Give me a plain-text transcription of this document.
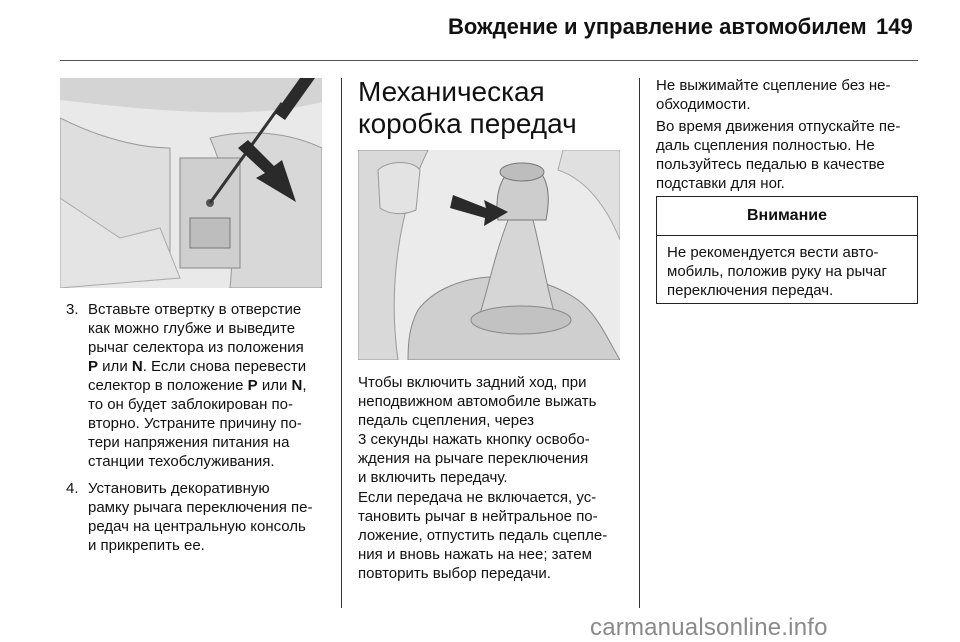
Вождение и управление автомобилем 149
3. Вставьте отвертку в отверстие
как можно глубже и выведите
рычаг селектора из положения
P или N. Если снова перевести
селектор в положение P или N,
то он будет заблокирован по-
вторно. Устраните причину по-
тери напряжения питания на
станции техобслуживания.
4. Установить декоративную
рамку рычага переключения пе-
редач на центральную консоль
и прикрепить ее.
Механическая
коробка передач

Чтобы включить задний ход, при
неподвижном автомобиле выжать
педаль сцепления, через
3 секунды нажать кнопку освобо-
ждения на рычаге переключения
и включить передачу.

Если передача не включается, ус-
тановить рычаг в нейтральное по-
ложение, отпустить педаль сцепле-
ния и вновь нажать на нее; затем
повторить выбор передачи.

Не выжимайте сцепление без не-
обходимости.

Во время движения отпускайте пе-
даль сцепления полностью. Не
пользуйтесь педалью в качестве
подставки для ног.

Внимание
Не рекомендуется вести авто-
мобиль, положив руку на рычаг
переключения передач.
carmanualsonline.info
